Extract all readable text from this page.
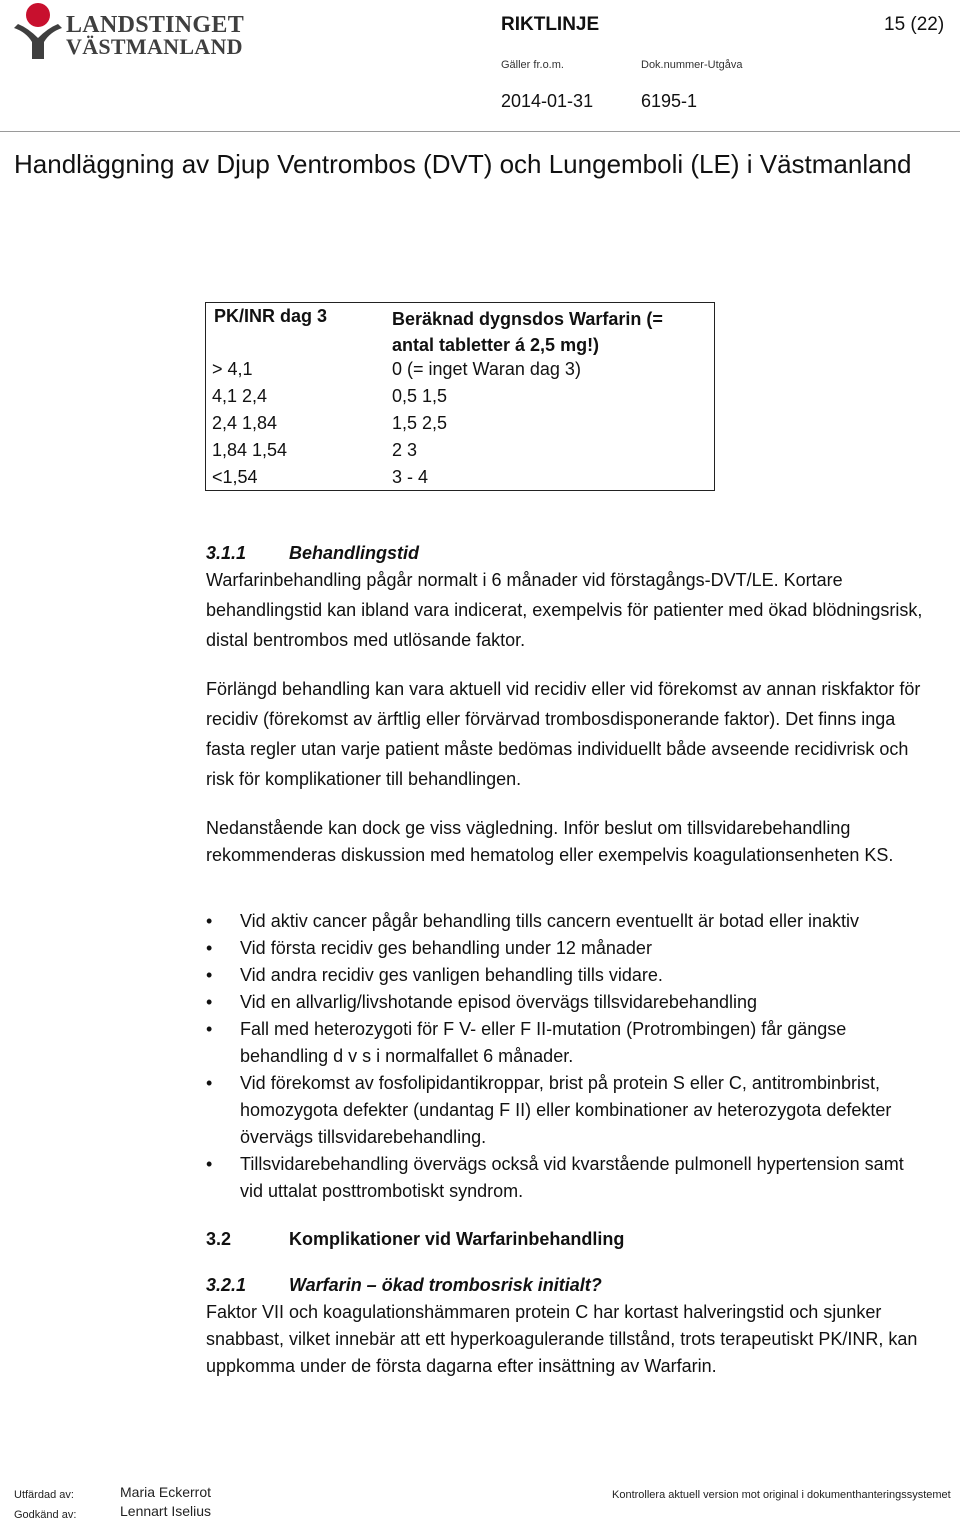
LANDSTINGET
VÄSTMANLAND
RIKTLINJE	15 (22)
Gäller fr.o.m.	Dok.nummer-Utgåva
2014-01-31	6195-1
Handläggning av Djup Ventrombos (DVT) och Lungemboli (LE) i Västmanland
PK/INR dag 3	Beräknad dygnsdos Warfarin (= antal tabletter á 2,5 mg!)
> 4,1	0 (= inget Waran dag 3)
4,1 2,4	0,5 1,5
2,4 1,84	1,5 2,5
1,84 1,54	2 3
<1,54	3 - 4
3.1.1 Behandlingstid
Warfarinbehandling pågår normalt i 6 månader vid förstagångs-DVT/LE. Kortare behandlingstid kan ibland vara indicerat, exempelvis för patienter med ökad blödningsrisk, distal bentrombos med utlösande faktor.
Förlängd behandling kan vara aktuell vid recidiv eller vid förekomst av annan riskfaktor för recidiv (förekomst av ärftlig eller förvärvad trombosdisponerande faktor). Det finns inga fasta regler utan varje patient måste bedömas individuellt både avseende recidivrisk och risk för komplikationer till behandlingen.
Nedanstående kan dock ge viss vägledning. Inför beslut om tillsvidarebehandling rekommenderas diskussion med hematolog eller exempelvis koagulationsenheten KS.
• Vid aktiv cancer pågår behandling tills cancern eventuellt är botad eller inaktiv
• Vid första recidiv ges behandling under 12 månader
• Vid andra recidiv ges vanligen behandling tills vidare.
• Vid en allvarlig/livshotande episod övervägs tillsvidarebehandling
• Fall med heterozygoti för F V- eller F II-mutation (Protrombingen) får gängse behandling d v s i normalfallet 6 månader.
• Vid förekomst av fosfolipidantikroppar, brist på protein S eller C, antitrombinbrist, homozygota defekter (undantag F II) eller kombinationer av heterozygota defekter övervägs tillsvidarebehandling.
• Tillsvidarebehandling övervägs också vid kvarstående pulmonell hypertension samt vid uttalat posttrombotiskt syndrom.
3.2	Komplikationer vid Warfarinbehandling
3.2.1 Warfarin – ökad trombosrisk initialt?
Faktor VII och koagulationshämmaren protein C har kortast halveringstid och sjunker snabbast, vilket innebär att ett hyperkoagulerande tillstånd, trots terapeutiskt PK/INR, kan uppkomma under de första dagarna efter insättning av Warfarin.
Utfärdad av:	Maria Eckerrot
Godkänd av:	Lennart Iselius
Kontrollera aktuell version mot original i dokumenthanteringssystemet
